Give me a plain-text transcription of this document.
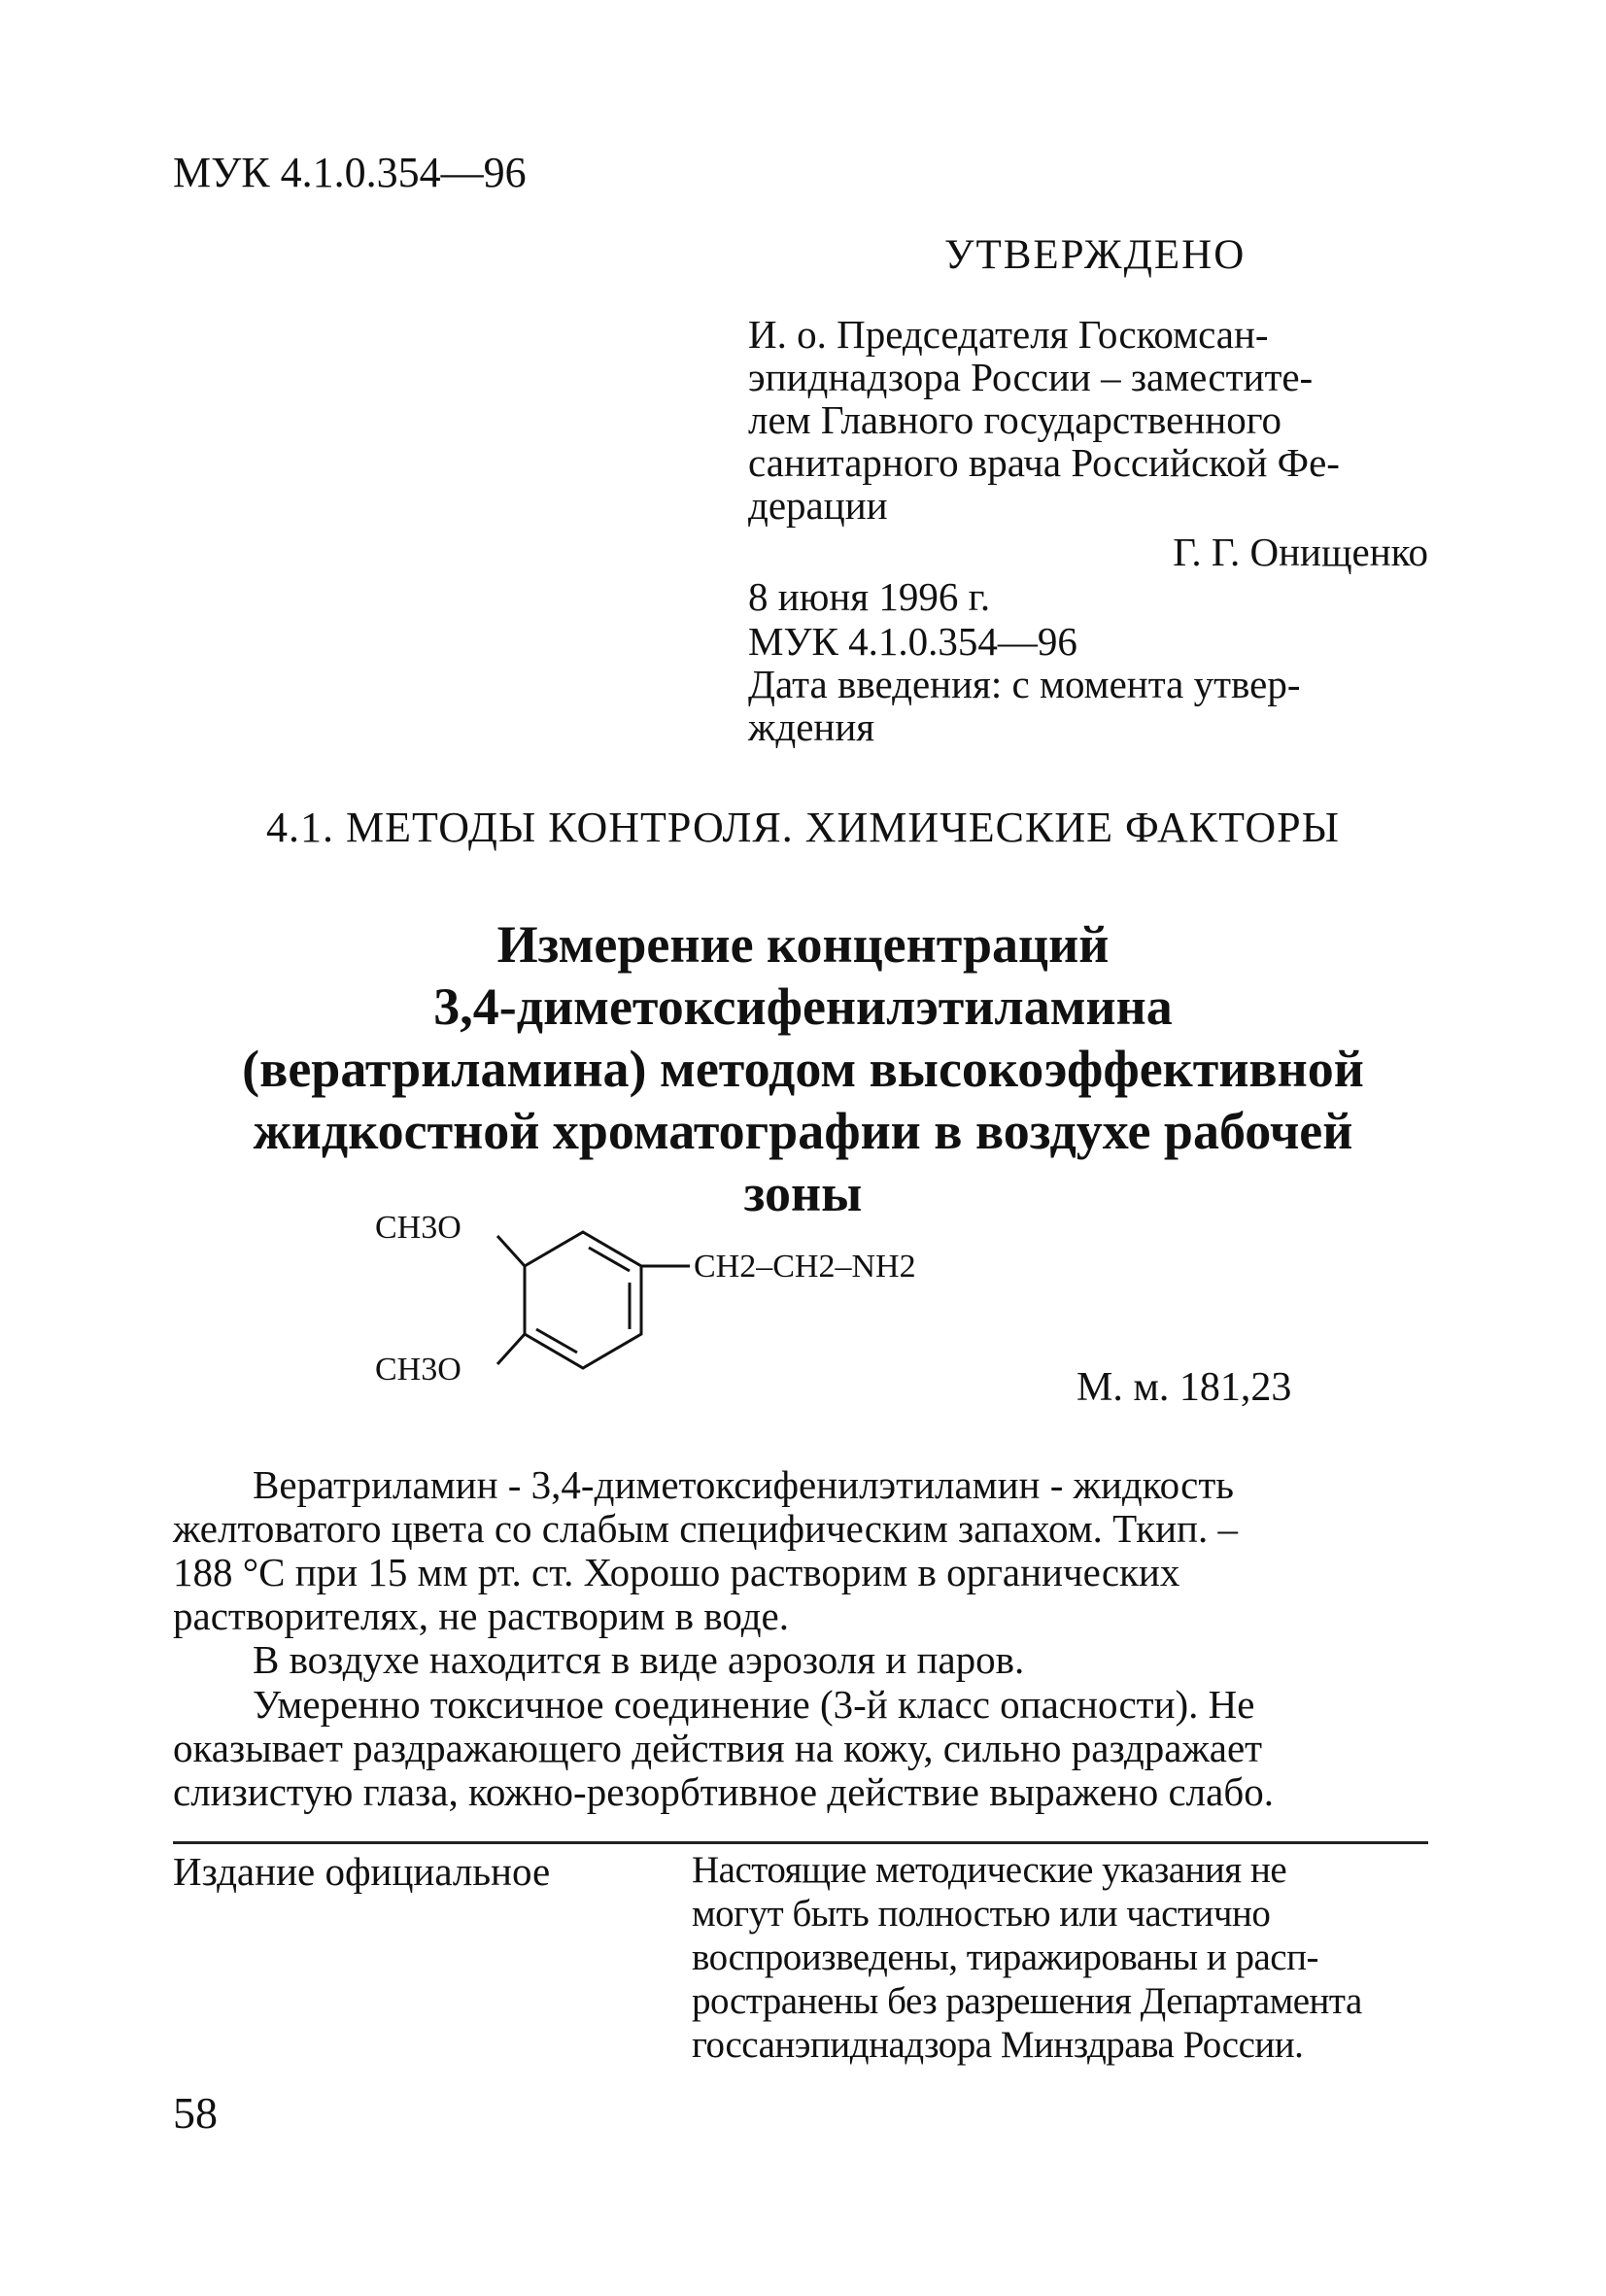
МУК 4.1.0.354—96
УТВЕРЖДЕНО
И. о. Председателя Госкомсан-
эпиднадзора России – заместите-
лем Главного государственного
санитарного врача Российской Фе-
дерации
Г. Г. Онищенко
8 июня 1996 г.
МУК 4.1.0.354—96
Дата введения: с момента утвер-
ждения
4.1. МЕТОДЫ КОНТРОЛЯ. ХИМИЧЕСКИЕ ФАКТОРЫ
Измерение концентраций
3,4-диметоксифенилэтиламина
(вератриламина) методом высокоэффективной
жидкостной хроматографии в воздухе рабочей
зоны
CH3O
CH3O
CH2–CH2–NH2
М. м. 181,23
Вератриламин - 3,4-диметоксифенилэтиламин - жидкость
желтоватого цвета со слабым специфическим запахом. Ткип. –
188 °С при 15 мм рт. ст. Хорошо растворим в органических
растворителях, не растворим в воде.
В воздухе находится в виде аэрозоля и паров.
Умеренно токсичное соединение (3-й класс опасности). Не
оказывает раздражающего действия на кожу, сильно раздражает
слизистую глаза, кожно-резорбтивное действие выражено слабо.
Издание официальное	Настоящие методические указания не
могут быть полностью или частично
воспроизведены, тиражированы и расп-
ространены без разрешения Департамента
госсанэпиднадзора Минздрава России.
58
